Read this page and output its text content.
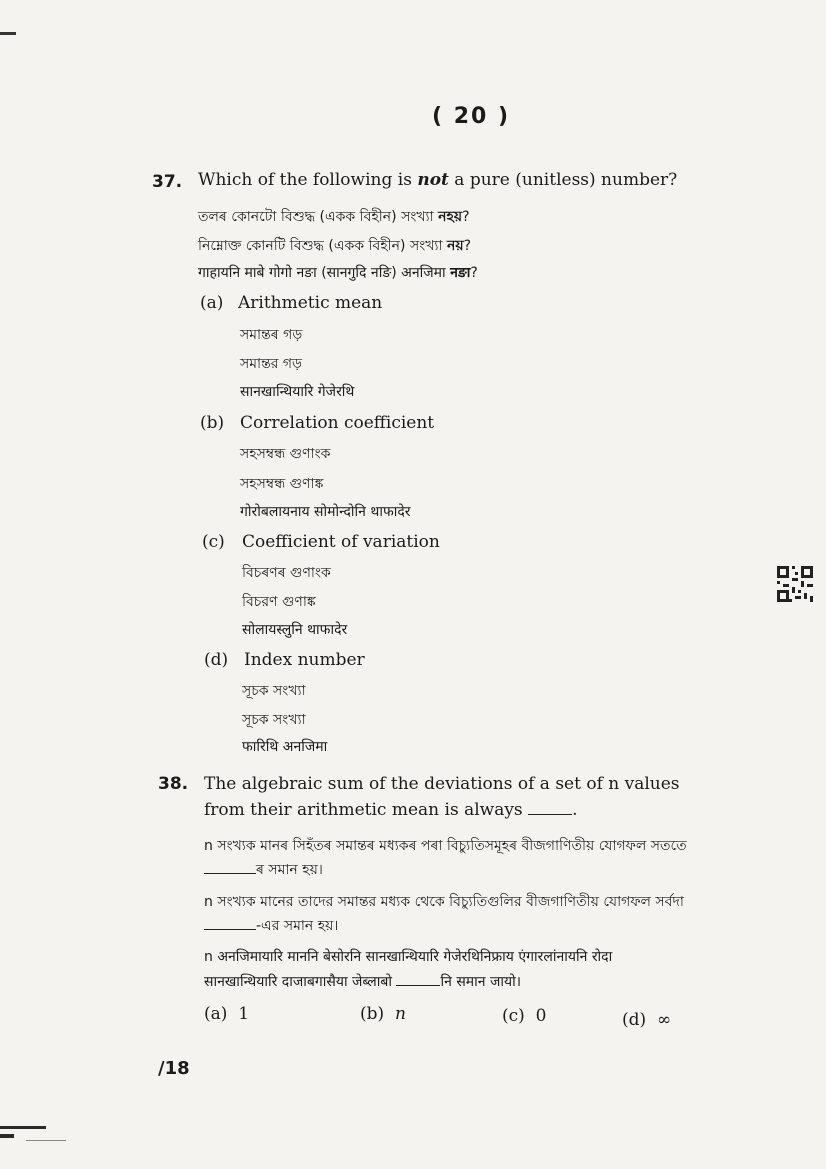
( 20 )
37. Which of the following is not a pure (unitless) number?
তলৰ কোনটো বিশুদ্ধ (একক বিহীন) সংখ্যা নহয়?
নিম্নোক্ত কোনটি বিশুদ্ধ (একক বিহীন) সংখ্যা নয়?
गाहायनि माबे गोगो नङा (सानगुदि नङि) अनजिमा नङा?
(a) Arithmetic mean
সমান্তৰ গড়
সমান্তর গড়
सानखान्थियारि गेजेरथि
(b) Correlation coefficient
সহসম্বন্ধ গুণাংক
সহসম্বন্ধ গুণাঙ্ক
गोरोबलायनाय सोमोन्दोनि थाफादेर
(c) Coefficient of variation
বিচৰণৰ গুণাংক
বিচরণ গুণাঙ্ক
सोलायस्लुनि थाफादेर
(d) Index number
সূচক সংখ্যা
সূচক সংখ্যা
फारिथि अनजिमा
38. The algebraic sum of the deviations of a set of n values
from their arithmetic mean is always	.
n সংখ্যক মানৰ সিহঁতৰ সমান্তৰ মধ্যকৰ পৰা বিচ্যুতিসমূহৰ বীজগাণিতীয় যোগফল সততে
ৰ সমান হয়।
n সংখ্যক মানের তাদের সমান্তর মধ্যক থেকে বিচ্যুতিগুলির বীজগাণিতীয় যোগফল সর্বদা
-এর সমান হয়।
n अनजिमायारि माननि बेसोरनि सानखान्थियारि गेजेरथिनिफ्राय एंगारलांनायनि रोदा
सानखान्थियारि दाजाबगासैया जेब्लाबो	नि समान जायो।
(a) 1	(b) n	(c) 0	(d) ∞
/18
